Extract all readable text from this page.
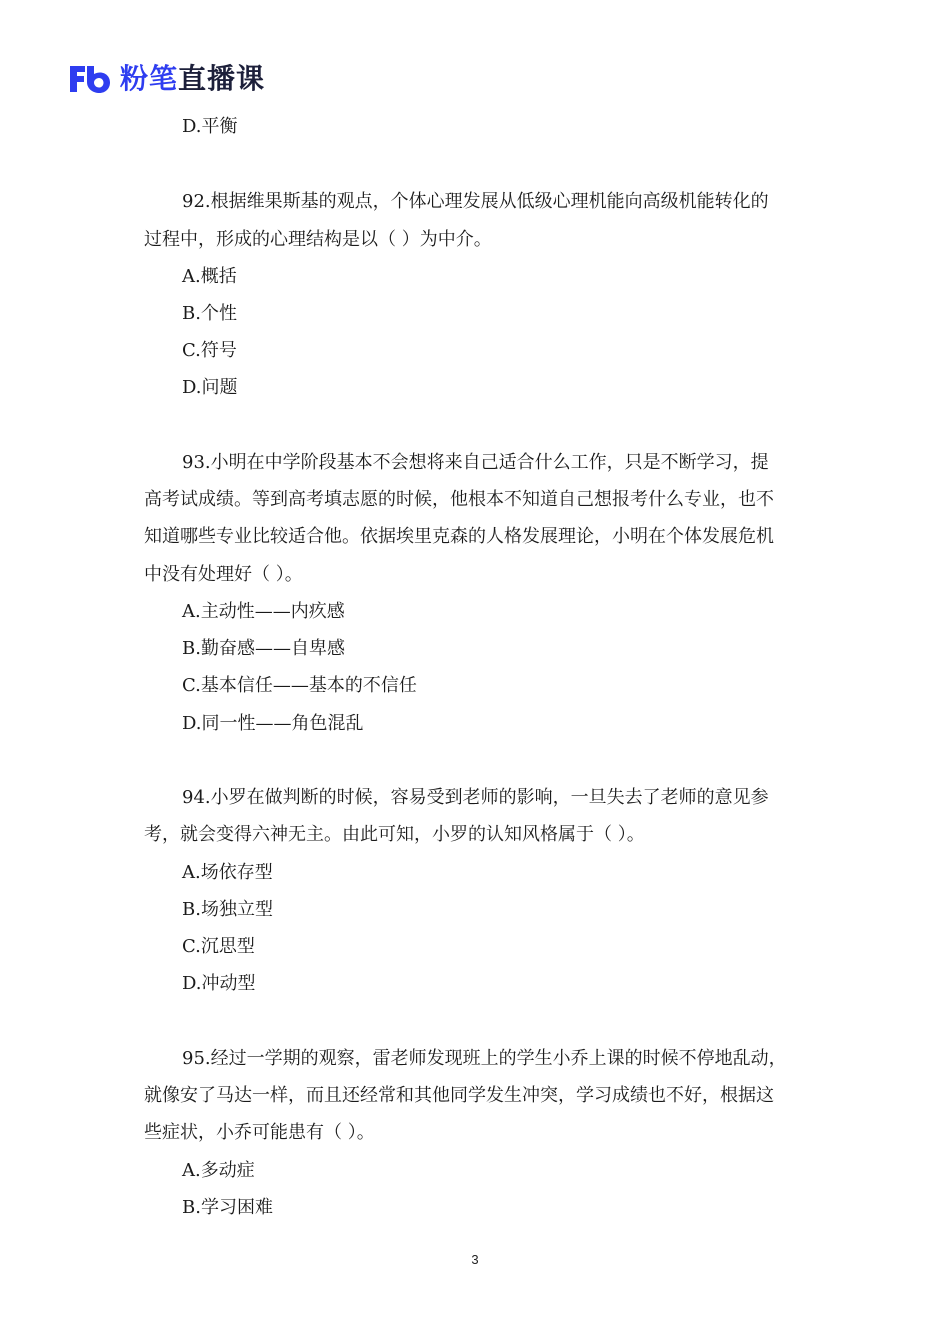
粉笔直播课
D.平衡
92.根据维果斯基的观点，个体心理发展从低级心理机能向高级机能转化的
过程中，形成的心理结构是以（ ）为中介。
A.概括
B.个性
C.符号
D.问题
93.小明在中学阶段基本不会想将来自己适合什么工作，只是不断学习，提
高考试成绩。等到高考填志愿的时候，他根本不知道自己想报考什么专业，也不
知道哪些专业比较适合他。依据埃里克森的人格发展理论，小明在个体发展危机
中没有处理好（ ）。
A.主动性——内疚感
B.勤奋感——自卑感
C.基本信任——基本的不信任
D.同一性——角色混乱
94.小罗在做判断的时候，容易受到老师的影响，一旦失去了老师的意见参
考，就会变得六神无主。由此可知，小罗的认知风格属于（ ）。
A.场依存型
B.场独立型
C.沉思型
D.冲动型
95.经过一学期的观察，雷老师发现班上的学生小乔上课的时候不停地乱动，
就像安了马达一样，而且还经常和其他同学发生冲突，学习成绩也不好，根据这
些症状，小乔可能患有（ ）。
A.多动症
B.学习困难
3
